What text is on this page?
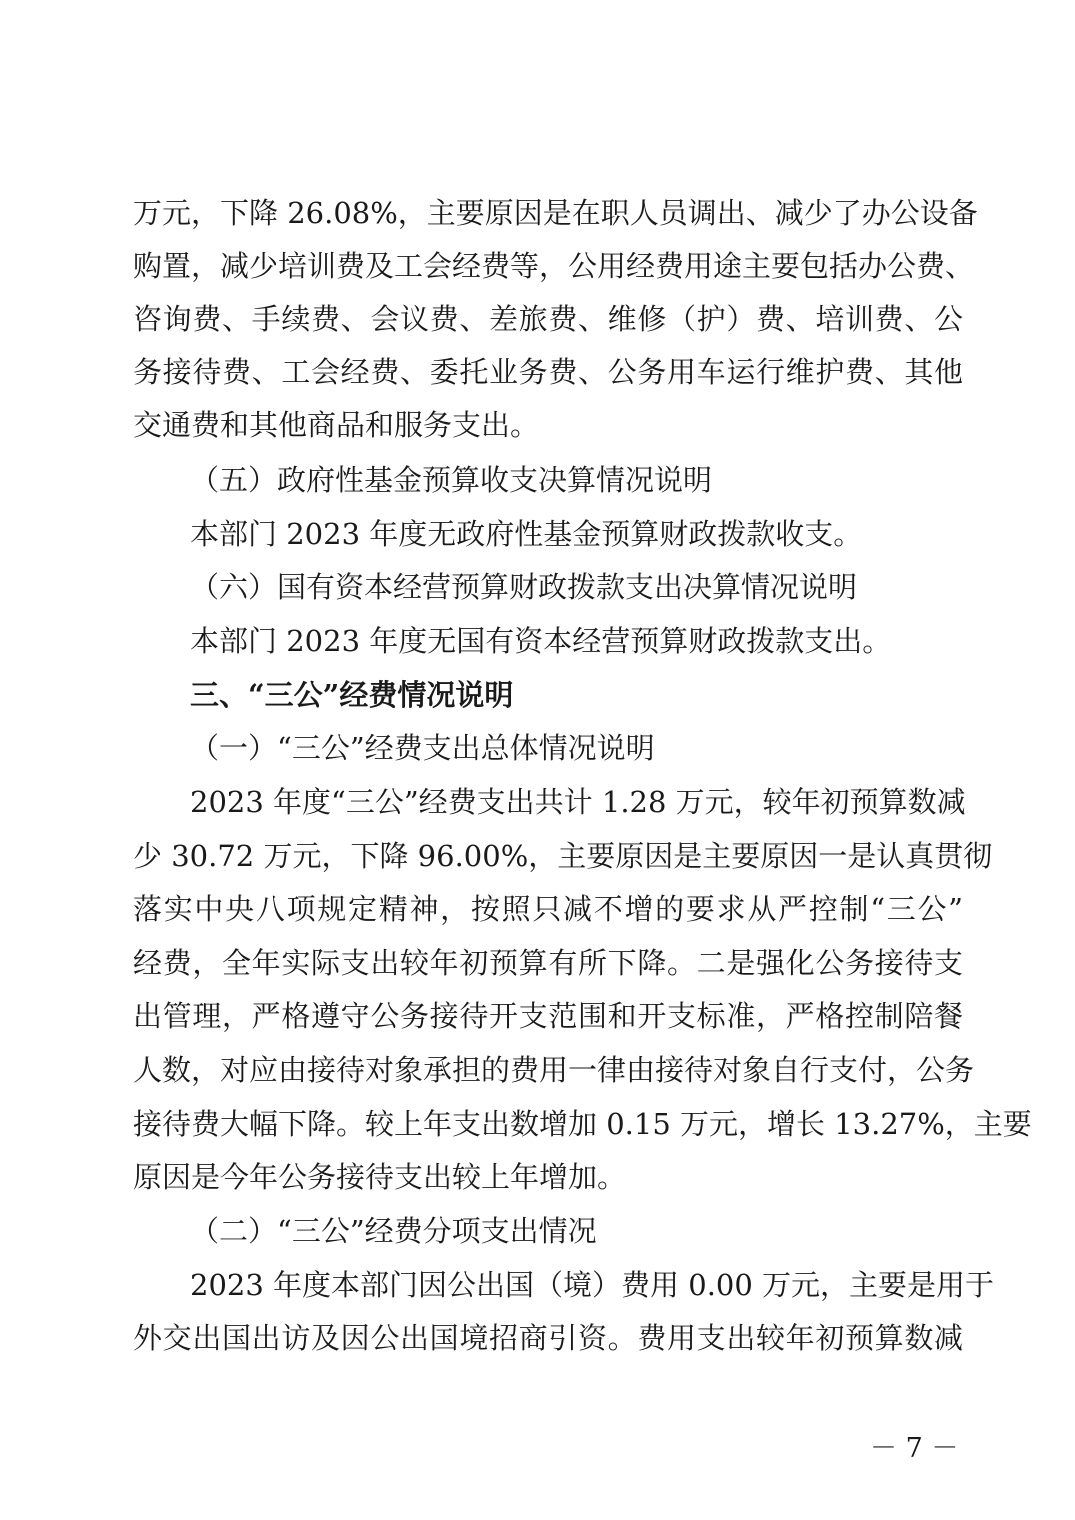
万元，下降 26.08%，主要原因是在职人员调出、减少了办公设备
购置，减少培训费及工会经费等，公用经费用途主要包括办公费、
咨询费、手续费、会议费、差旅费、维修（护）费、培训费、公
务接待费、工会经费、委托业务费、公务用车运行维护费、其他
交通费和其他商品和服务支出。
（五）政府性基金预算收支决算情况说明
本部门 2023 年度无政府性基金预算财政拨款收支。
（六）国有资本经营预算财政拨款支出决算情况说明
本部门 2023 年度无国有资本经营预算财政拨款支出。
三、“三公”经费情况说明
（一）“三公”经费支出总体情况说明
2023 年度“三公”经费支出共计 1.28 万元，较年初预算数减
少 30.72 万元，下降 96.00%，主要原因是主要原因一是认真贯彻
落实中央八项规定精神，按照只减不增的要求从严控制“三公”
经费，全年实际支出较年初预算有所下降。二是强化公务接待支
出管理，严格遵守公务接待开支范围和开支标准，严格控制陪餐
人数，对应由接待对象承担的费用一律由接待对象自行支付，公务
接待费大幅下降。较上年支出数增加 0.15 万元，增长 13.27%，主要
原因是今年公务接待支出较上年增加。
（二）“三公”经费分项支出情况
2023 年度本部门因公出国（境）费用 0.00 万元，主要是用于
外交出国出访及因公出国境招商引资。费用支出较年初预算数减
－ 7 －
